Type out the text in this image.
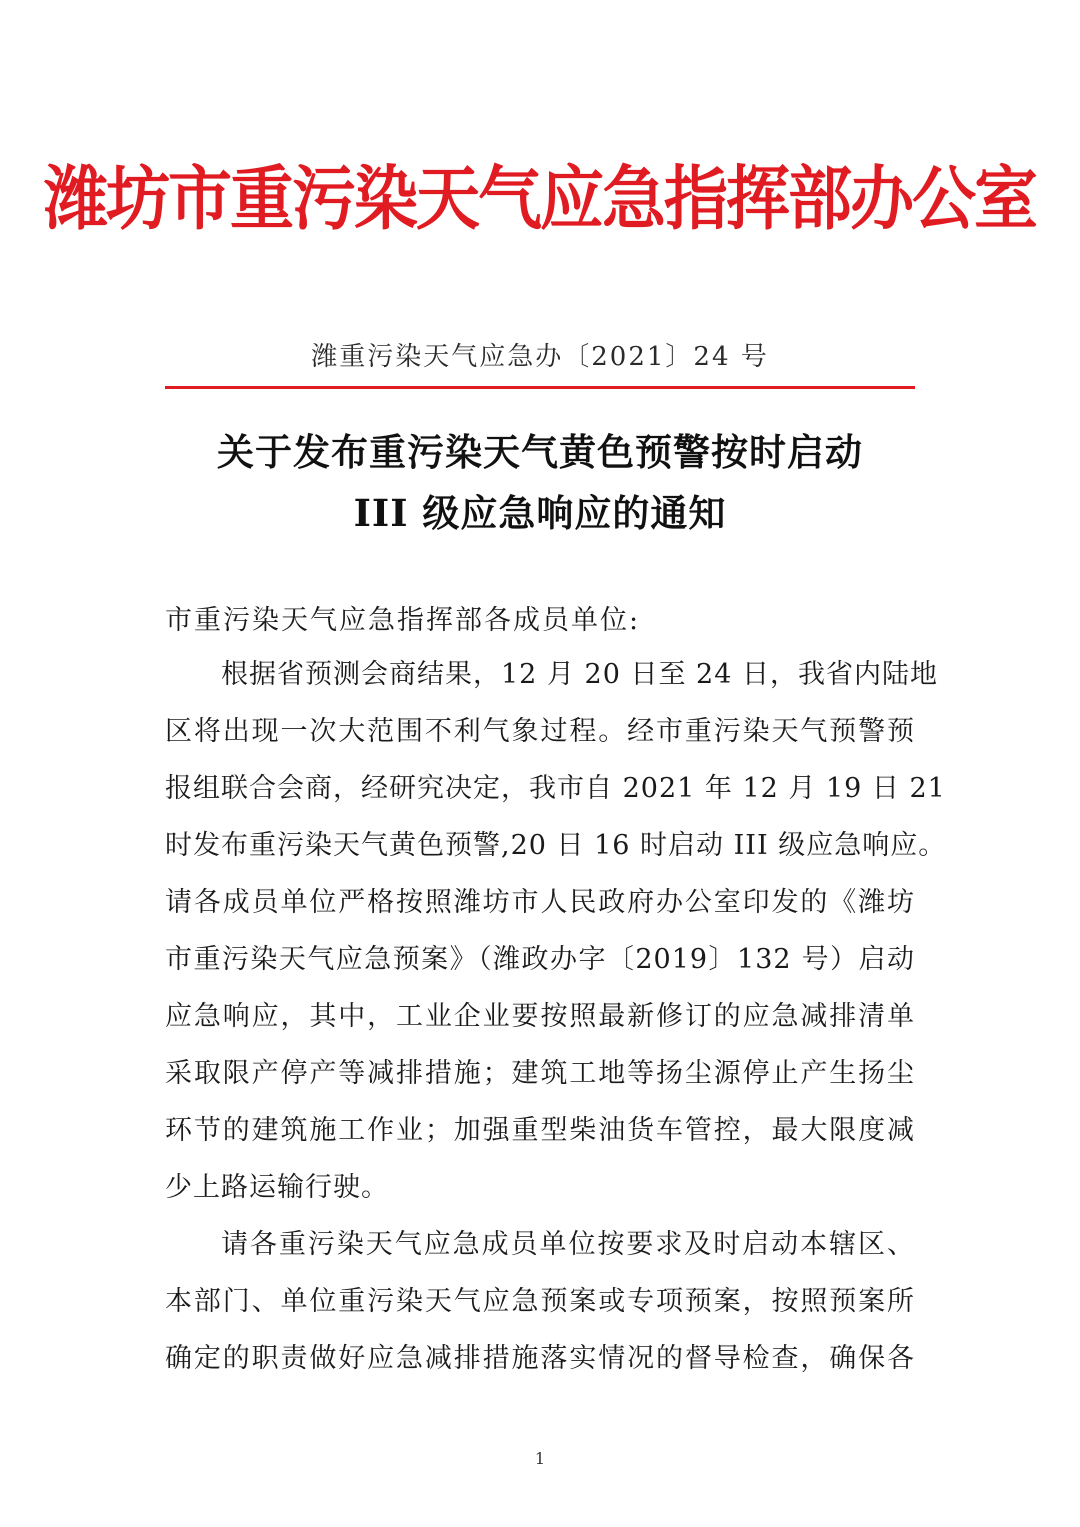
潍坊市重污染天气应急指挥部办公室
潍重污染天气应急办〔2021〕24 号
关于发布重污染天气黄色预警按时启动
III 级应急响应的通知
市重污染天气应急指挥部各成员单位:
根据省预测会商结果，12 月 20 日至 24 日，我省内陆地
区将出现一次大范围不利气象过程。经市重污染天气预警预
报组联合会商，经研究决定，我市自 2021 年 12 月 19 日 21
时发布重污染天气黄色预警,20 日 16 时启动 III 级应急响应。
请各成员单位严格按照潍坊市人民政府办公室印发的《潍坊
市重污染天气应急预案》（潍政办字〔2019〕132 号）启动
应急响应，其中，工业企业要按照最新修订的应急减排清单
采取限产停产等减排措施；建筑工地等扬尘源停止产生扬尘
环节的建筑施工作业；加强重型柴油货车管控，最大限度减
少上路运输行驶。
请各重污染天气应急成员单位按要求及时启动本辖区、
本部门、单位重污染天气应急预案或专项预案，按照预案所
确定的职责做好应急减排措施落实情况的督导检查，确保各
1
